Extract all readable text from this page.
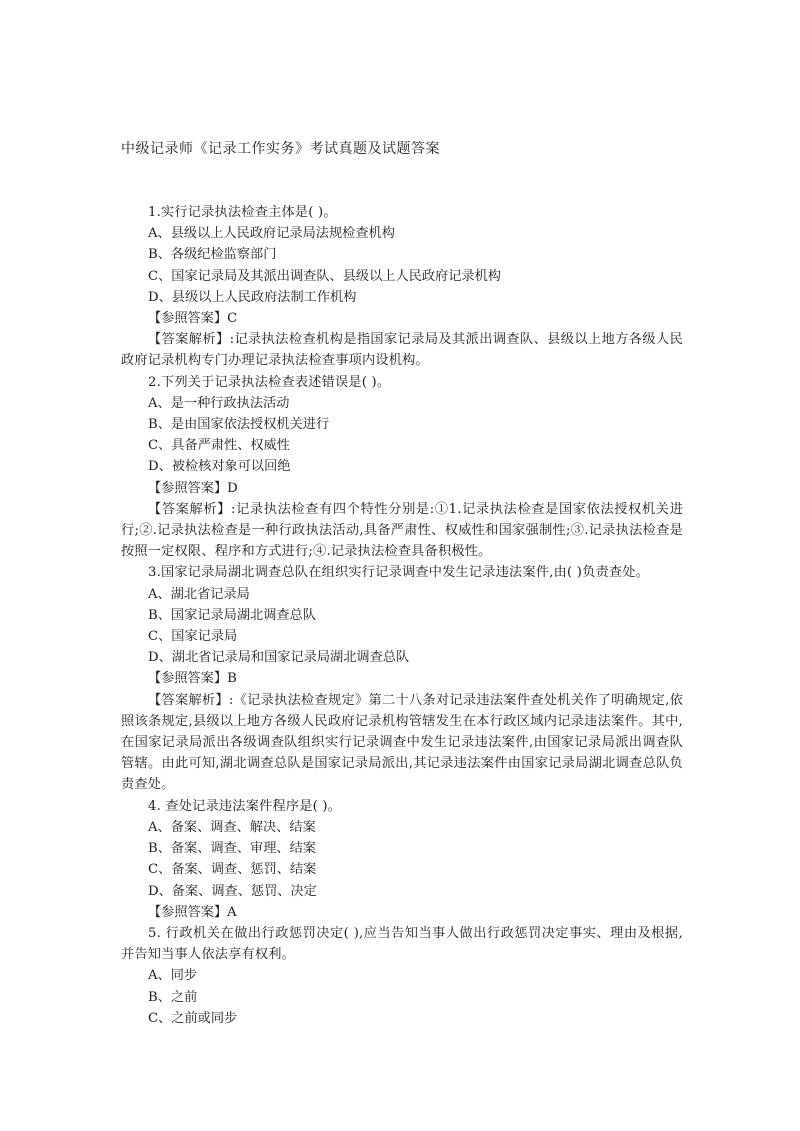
中级记录师《记录工作实务》考试真题及试题答案
1.实行记录执法检查主体是( )。
A、县级以上人民政府记录局法规检查机构
B、各级纪检监察部门
C、国家记录局及其派出调查队、县级以上人民政府记录机构
D、县级以上人民政府法制工作机构
【参照答案】C
【答案解析】:记录执法检查机构是指国家记录局及其派出调查队、县级以上地方各级人民政府记录机构专门办理记录执法检查事项内设机构。
2.下列关于记录执法检查表述错误是( )。
A、是一种行政执法活动
B、是由国家依法授权机关进行
C、具备严肃性、权威性
D、被检核对象可以回绝
【参照答案】D
【答案解析】:记录执法检查有四个特性分别是:①1.记录执法检查是国家依法授权机关进行;②.记录执法检查是一种行政执法活动,具备严肃性、权威性和国家强制性;③.记录执法检查是按照一定权限、程序和方式进行;④.记录执法检查具备积极性。
3.国家记录局湖北调查总队在组织实行记录调查中发生记录违法案件,由( )负责查处。
A、湖北省记录局
B、国家记录局湖北调查总队
C、国家记录局
D、湖北省记录局和国家记录局湖北调查总队
【参照答案】B
【答案解析】:《记录执法检查规定》第二十八条对记录违法案件查处机关作了明确规定,依照该条规定,县级以上地方各级人民政府记录机构管辖发生在本行政区域内记录违法案件。其中,在国家记录局派出各级调查队组织实行记录调查中发生记录违法案件,由国家记录局派出调查队管辖。由此可知,湖北调查总队是国家记录局派出,其记录违法案件由国家记录局湖北调查总队负责查处。
4. 查处记录违法案件程序是( )。
A、备案、调查、解决、结案
B、备案、调查、审理、结案
C、备案、调查、惩罚、结案
D、备案、调查、惩罚、决定
【参照答案】A
5. 行政机关在做出行政惩罚决定( ),应当告知当事人做出行政惩罚决定事实、理由及根据,并告知当事人依法享有权利。
A、同步
B、之前
C、之前或同步
